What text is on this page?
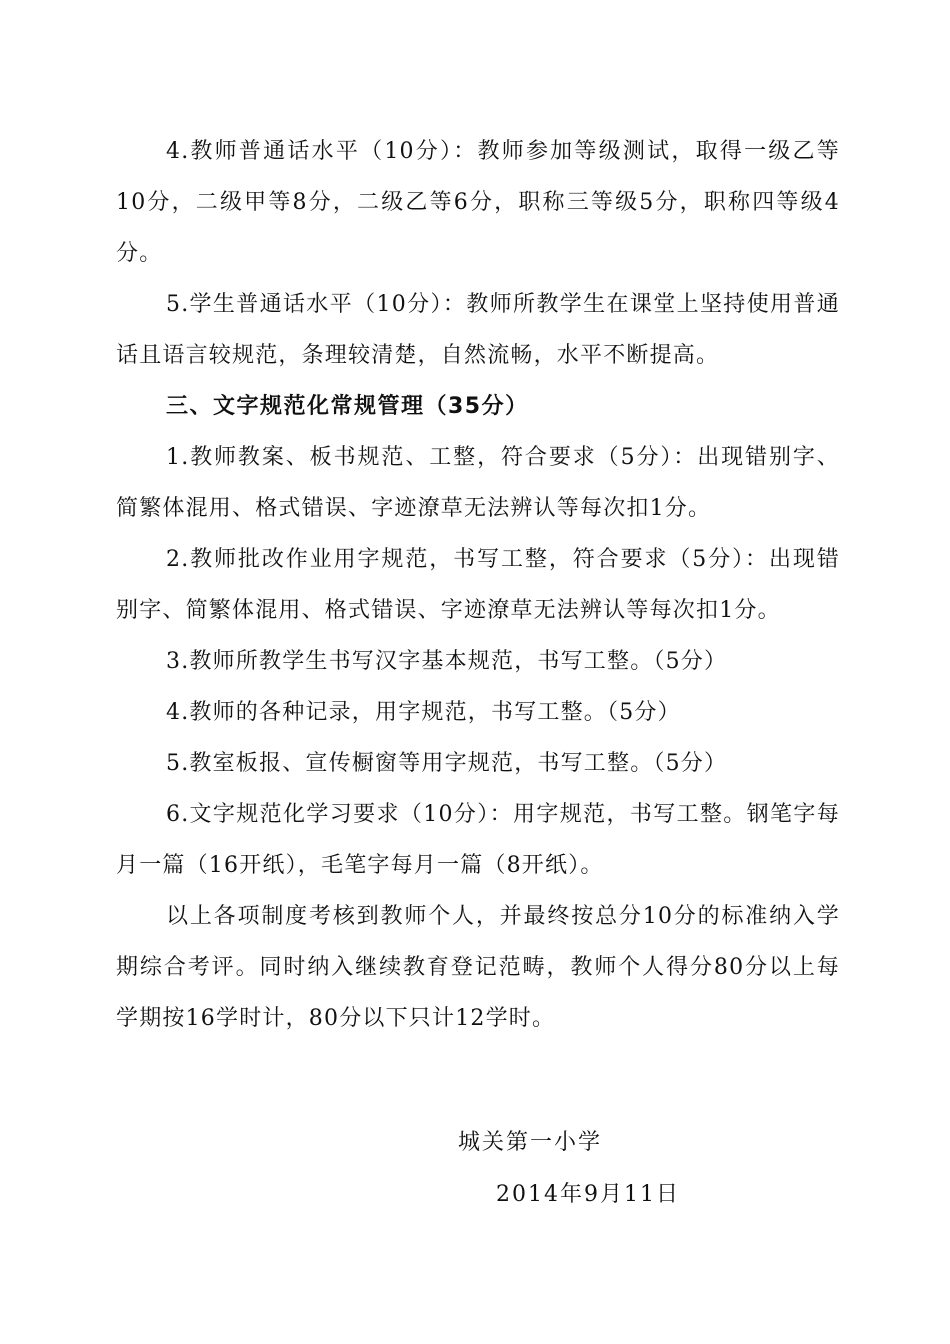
4.教师普通话水平（10分）：教师参加等级测试，取得一级乙等10分，二级甲等8分，二级乙等6分，职称三等级5分，职称四等级4分。

5.学生普通话水平（10分）：教师所教学生在课堂上坚持使用普通话且语言较规范，条理较清楚，自然流畅，水平不断提高。

三、文字规范化常规管理（35分）

1.教师教案、板书规范、工整，符合要求（5分）：出现错别字、简繁体混用、格式错误、字迹潦草无法辨认等每次扣1分。

2.教师批改作业用字规范，书写工整，符合要求（5分）：出现错别字、简繁体混用、格式错误、字迹潦草无法辨认等每次扣1分。

3.教师所教学生书写汉字基本规范，书写工整。（5分）

4.教师的各种记录，用字规范，书写工整。（5分）

5.教室板报、宣传橱窗等用字规范，书写工整。（5分）

6.文字规范化学习要求（10分）：用字规范，书写工整。钢笔字每月一篇（16开纸），毛笔字每月一篇（8开纸）。

以上各项制度考核到教师个人，并最终按总分10分的标准纳入学期综合考评。同时纳入继续教育登记范畴，教师个人得分80分以上每学期按16学时计，80分以下只计12学时。

城关第一小学
2014年9月11日
